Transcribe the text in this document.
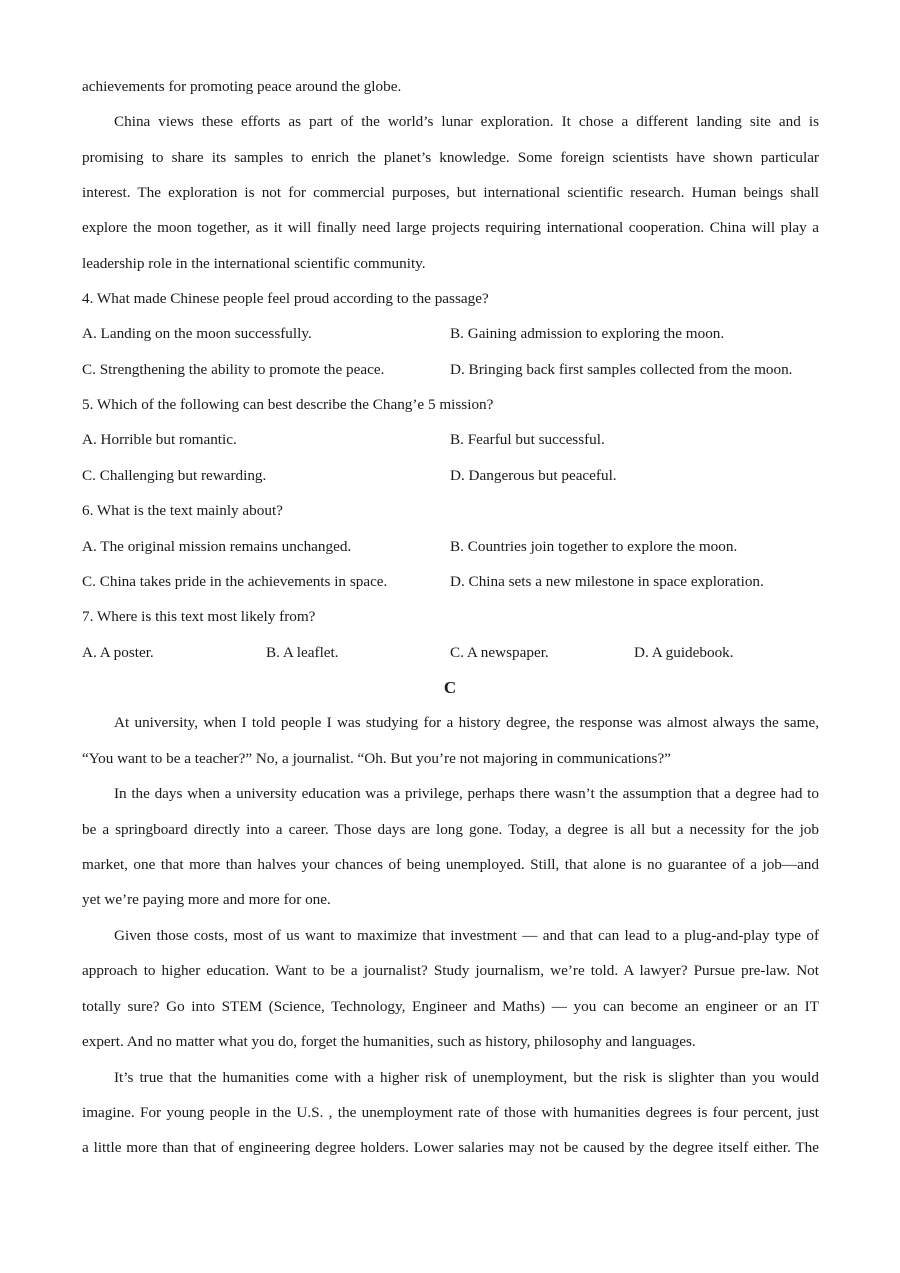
achievements for promoting peace around the globe.
China views these efforts as part of the world’s lunar exploration. It chose a different landing site and is
promising to share its samples to enrich the planet’s knowledge. Some foreign scientists have shown particular
interest. The exploration is not for commercial purposes, but international scientific research. Human beings shall
explore the moon together, as it will finally need large projects requiring international cooperation. China will play a
leadership role in the international scientific community.
4. What made Chinese people feel proud according to the passage?
A. Landing on the moon successfully.	B. Gaining admission to exploring the moon.
C. Strengthening the ability to promote the peace.	D. Bringing back first samples collected from the moon.
5. Which of the following can best describe the Chang’e 5 mission?
A. Horrible but romantic.	B. Fearful but successful.
C. Challenging but rewarding.	D. Dangerous but peaceful.
6. What is the text mainly about?
A. The original mission remains unchanged.	B. Countries join together to explore the moon.
C. China takes pride in the achievements in space.	D. China sets a new milestone in space exploration.
7. Where is this text most likely from?
A. A poster.	B. A leaflet.	C. A newspaper.	D. A guidebook.
C
At university, when I told people I was studying for a history degree, the response was almost always the same,
“You want to be a teacher?” No, a journalist. “Oh. But you’re not majoring in communications?”
In the days when a university education was a privilege, perhaps there wasn’t the assumption that a degree had to
be a springboard directly into a career. Those days are long gone. Today, a degree is all but a necessity for the job
market, one that more than halves your chances of being unemployed. Still, that alone is no guarantee of a job—and
yet we’re paying more and more for one.
Given those costs, most of us want to maximize that investment — and that can lead to a plug-and-play type of
approach to higher education. Want to be a journalist? Study journalism, we’re told. A lawyer? Pursue pre-law. Not
totally sure? Go into STEM (Science, Technology, Engineer and Maths) — you can become an engineer or an IT
expert. And no matter what you do, forget the humanities, such as history, philosophy and languages.
It’s true that the humanities come with a higher risk of unemployment, but the risk is slighter than you would
imagine. For young people in the U.S. , the unemployment rate of those with humanities degrees is four percent, just
a little more than that of engineering degree holders. Lower salaries may not be caused by the degree itself either. The
